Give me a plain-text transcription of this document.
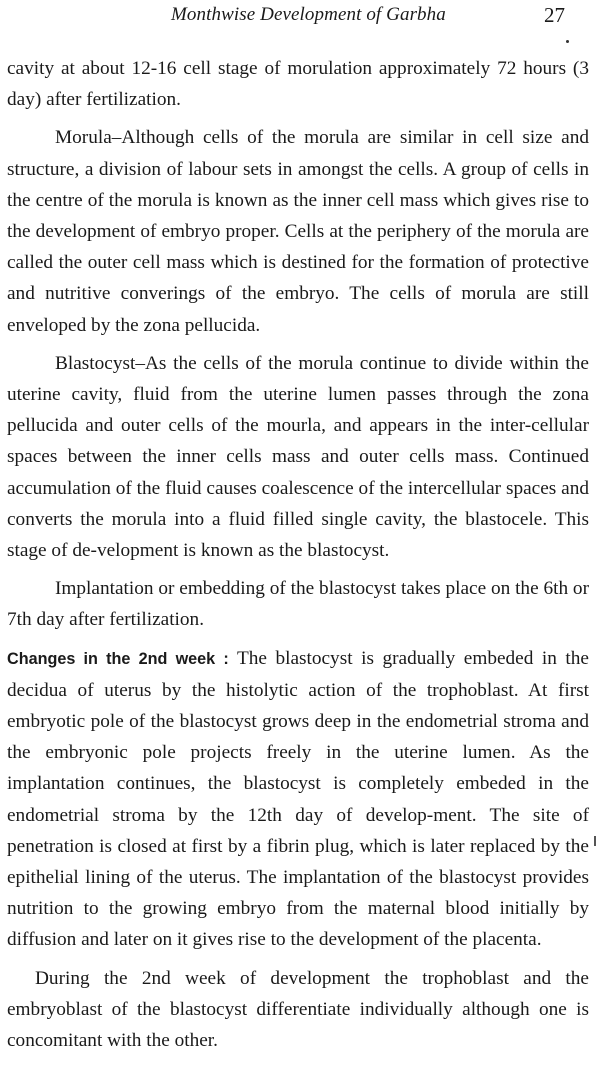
Monthwise Development of Garbha	27

cavity at about 12-16 cell stage of morulation approximately 72 hours (3 day) after fertilization.

Morula–Although cells of the morula are similar in cell size and structure, a division of labour sets in amongst the cells. A group of cells in the centre of the morula is known as the inner cell mass which gives rise to the development of embryo proper. Cells at the periphery of the morula are called the outer cell mass which is destined for the formation of protective and nutritive converings of the embryo. The cells of morula are still enveloped by the zona pellucida.

Blastocyst–As the cells of the morula continue to divide within the uterine cavity, fluid from the uterine lumen passes through the zona pellucida and outer cells of the mourla, and appears in the inter-cellular spaces between the inner cells mass and outer cells mass. Continued accumulation of the fluid causes coalescence of the intercellular spaces and converts the morula into a fluid filled single cavity, the blastocele. This stage of de-velopment is known as the blastocyst.

Implantation or embedding of the blastocyst takes place on the 6th or 7th day after fertilization.

Changes in the 2nd week : The blastocyst is gradually embeded in the decidua of uterus by the histolytic action of the trophoblast. At first embryotic pole of the blastocyst grows deep in the endometrial stroma and the embryonic pole projects freely in the uterine lumen. As the implantation continues, the blastocyst is completely embeded in the endometrial stroma by the 12th day of develop-ment. The site of penetration is closed at first by a fibrin plug, which is later replaced by the epithelial lining of the uterus. The implantation of the blastocyst provides nutrition to the growing embryo from the maternal blood initially by diffusion and later on it gives rise to the development of the placenta.

During the 2nd week of development the trophoblast and the embryoblast of the blastocyst differentiate individually although one is concomitant with the other.
